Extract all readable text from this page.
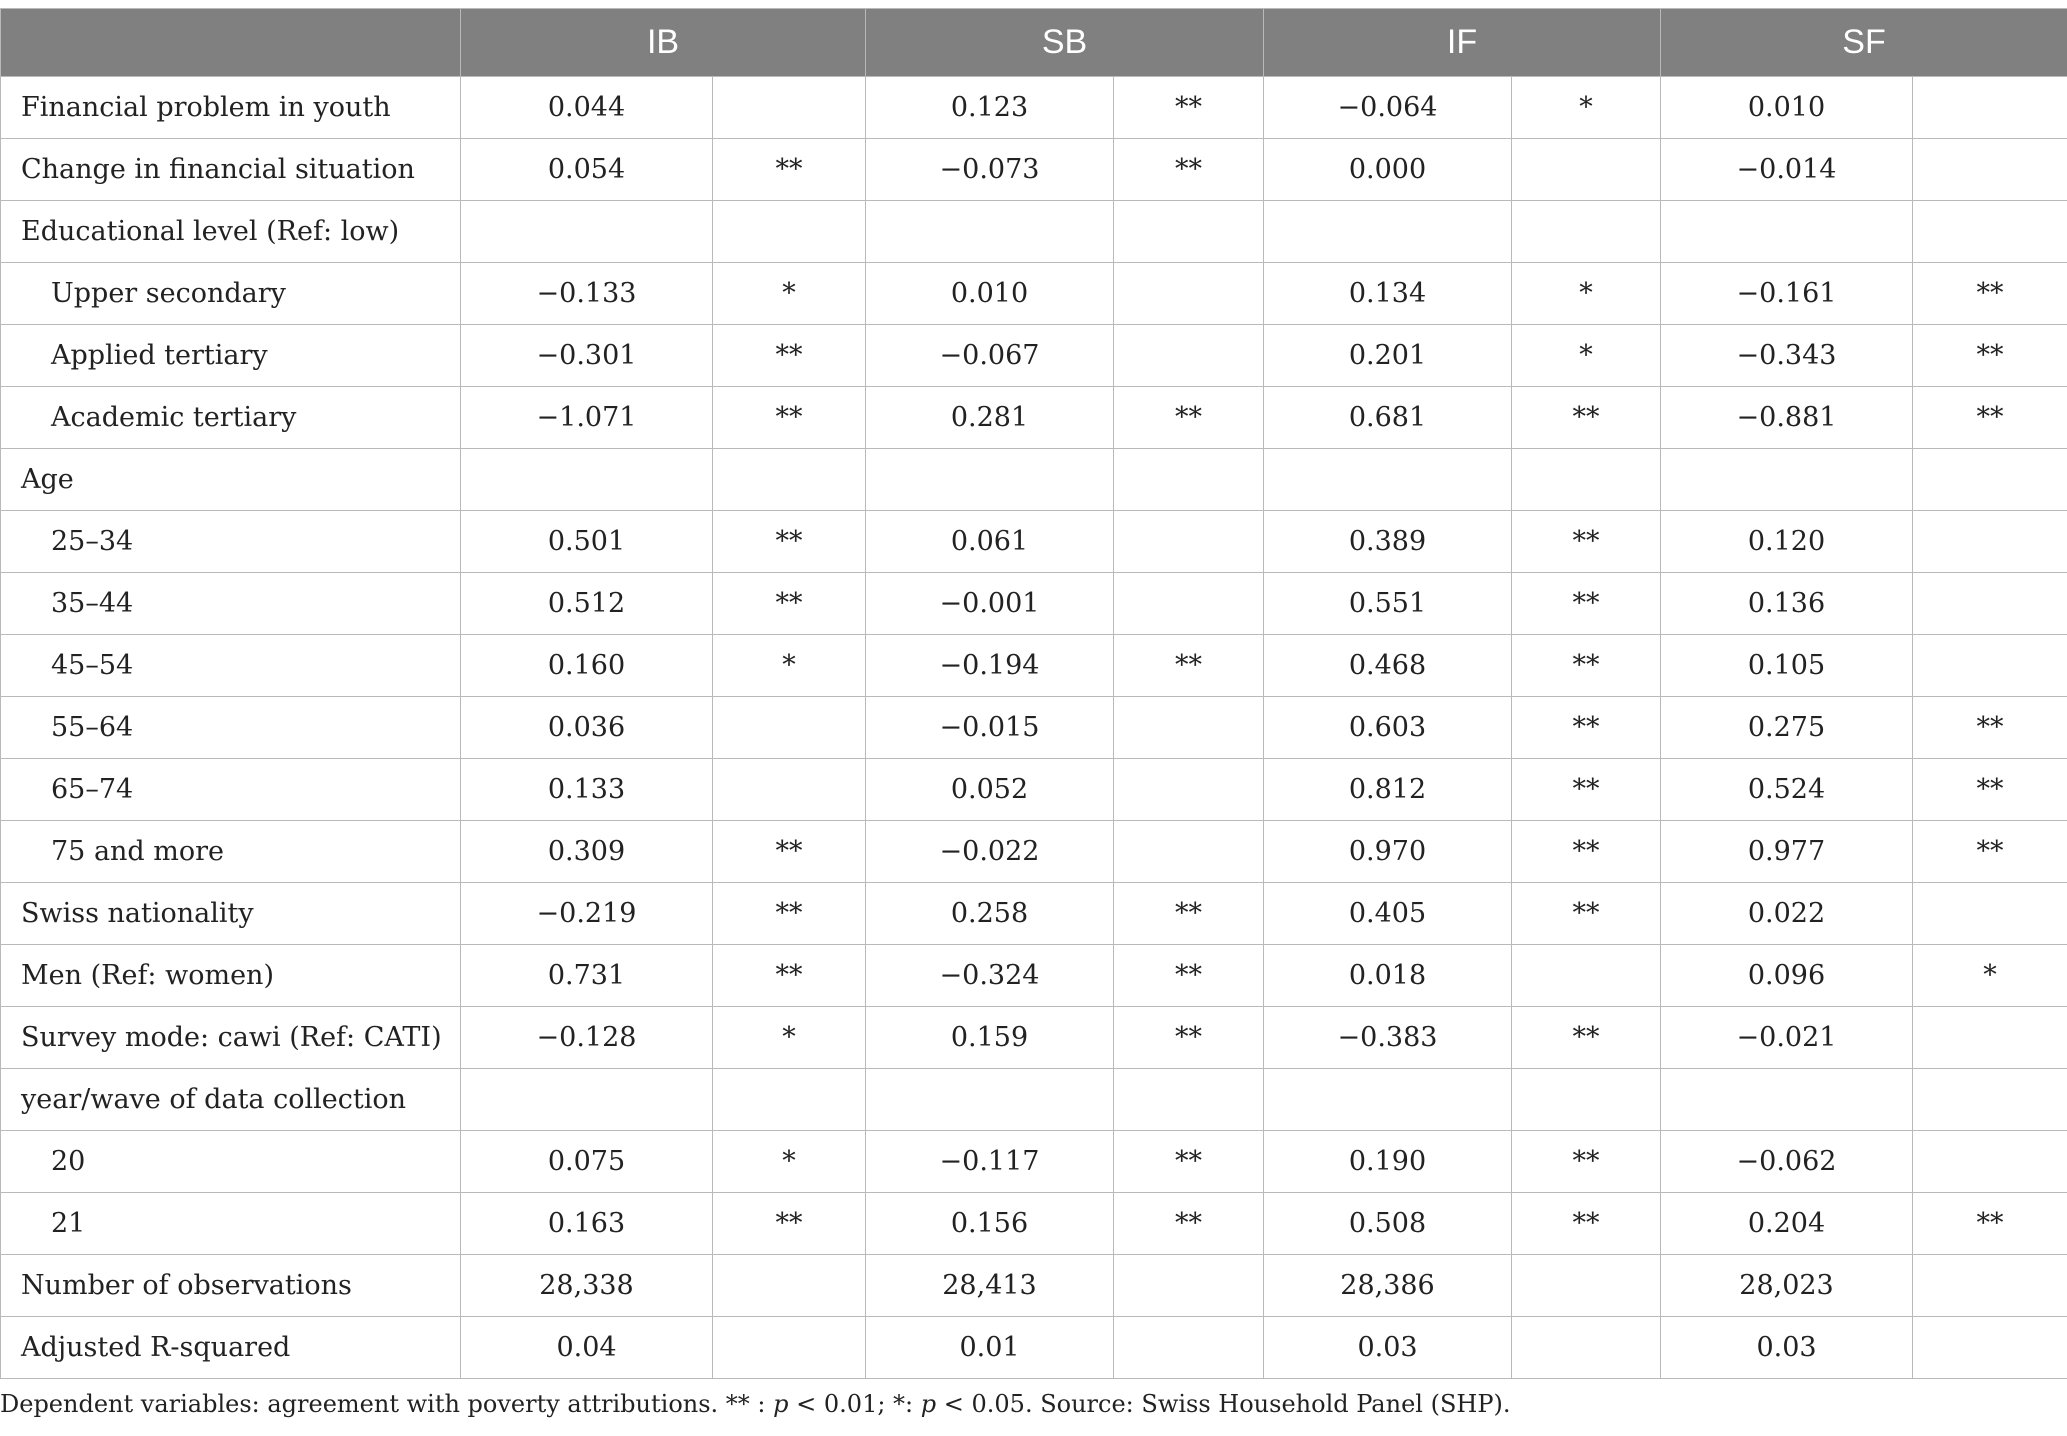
	IB		SB		IF		SF	
Financial problem in youth	0.044		0.123	**	−0.064	*	0.010	
Change in financial situation	0.054	**	−0.073	**	0.000		−0.014	
Educational level (Ref: low)								
Upper secondary	−0.133	*	0.010		0.134	*	−0.161	**
Applied tertiary	−0.301	**	−0.067		0.201	*	−0.343	**
Academic tertiary	−1.071	**	0.281	**	0.681	**	−0.881	**
Age								
25–34	0.501	**	0.061		0.389	**	0.120	
35–44	0.512	**	−0.001		0.551	**	0.136	
45–54	0.160	*	−0.194	**	0.468	**	0.105	
55–64	0.036		−0.015		0.603	**	0.275	**
65–74	0.133		0.052		0.812	**	0.524	**
75 and more	0.309	**	−0.022		0.970	**	0.977	**
Swiss nationality	−0.219	**	0.258	**	0.405	**	0.022	
Men (Ref: women)	0.731	**	−0.324	**	0.018		0.096	*
Survey mode: cawi (Ref: CATI)	−0.128	*	0.159	**	−0.383	**	−0.021	
year/wave of data collection								
20	0.075	*	−0.117	**	0.190	**	−0.062	
21	0.163	**	0.156	**	0.508	**	0.204	**
Number of observations	28,338		28,413		28,386		28,023	
Adjusted R-squared	0.04		0.01		0.03		0.03	
Dependent variables: agreement with poverty attributions. ** : p < 0.01; *: p < 0.05. Source: Swiss Household Panel (SHP).
